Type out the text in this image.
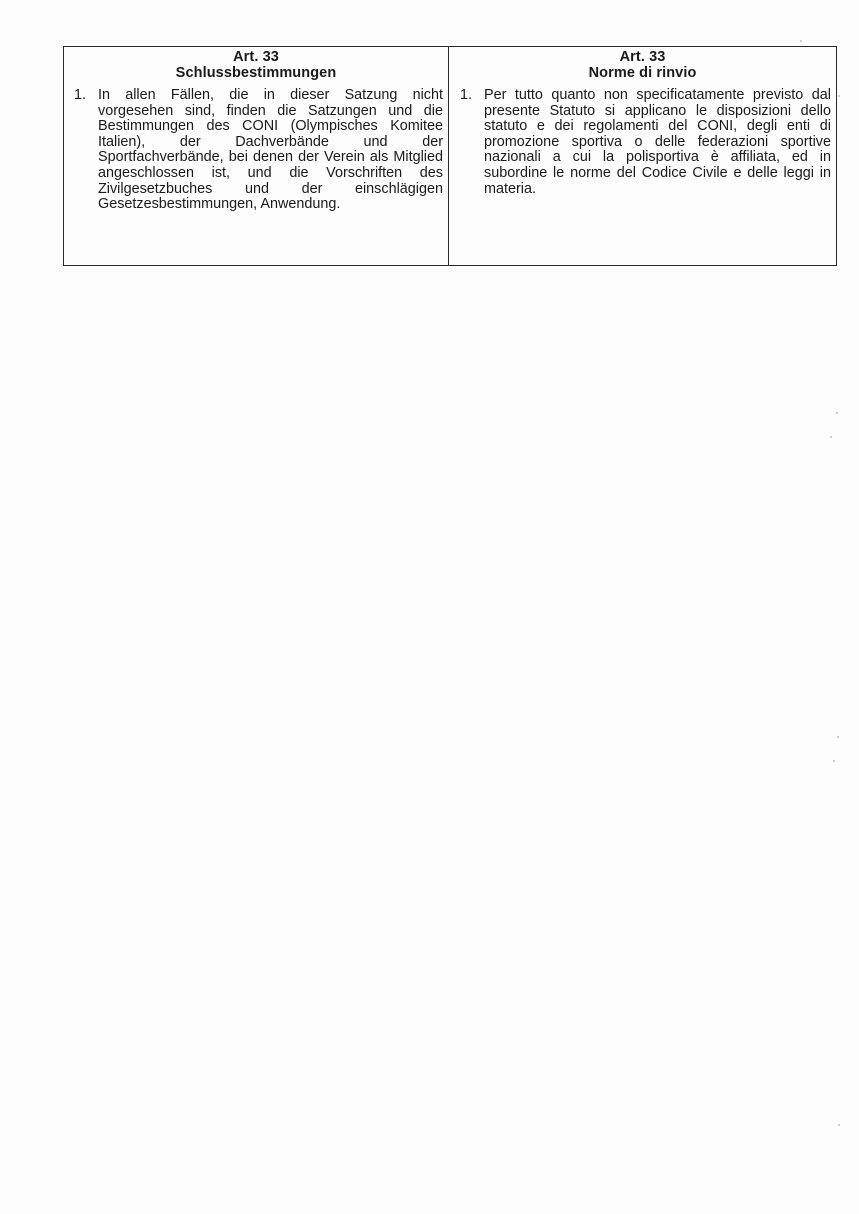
Art. 33
Schlussbestimmungen
1. In allen Fällen, die in dieser Satzung nicht vorgesehen sind, finden die Satzungen und die Bestimmungen des CONI (Olympisches Komitee Italien), der Dachverbände und der Sportfachverbände, bei denen der Verein als Mitglied angeschlossen ist, und die Vorschriften des Zivilgesetzbuches und der einschlägigen Gesetzesbestimmungen, Anwendung.
Art. 33
Norme di rinvio
1. Per tutto quanto non specificatamente previsto dal presente Statuto si applicano le disposizioni dello statuto e dei regolamenti del CONI, degli enti di promozione sportiva o delle federazioni sportive nazionali a cui la polisportiva è affiliata, ed in subordine le norme del Codice Civile e delle leggi in materia.
